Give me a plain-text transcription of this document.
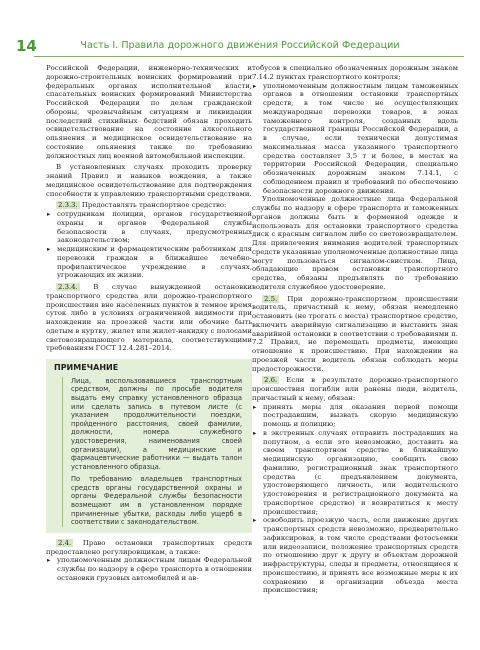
14	Часть I. Правила дорожного движения Российской Федерации

Российской Федерации, инженерно-технических и дорожно-строительных воинских формирований при федеральных органах исполнительной власти, спасательных воинских формирований Министерства Российской Федерации по делам гражданской обороны, чрезвычайным ситуациям и ликвидации последствий стихийных бедствий обязан проходить освидетельствование на состояние алкогольного опьянения и медицинское освидетельствование на состояние опьянения также по требованию должностных лиц военной автомобильной инспекции.

В установленных случаях проходить проверку знаний Правил и навыков вождения, а также медицинское освидетельствование для подтверждения способности к управлению транспортными средствами.

2.3.3. Предоставлять транспортное средство:

▸ сотрудникам полиции, органов государственной охраны и органов Федеральной службы безопасности в случаях, предусмотренных законодательством;
▸ медицинским и фармацевтическим работникам для перевозки граждан в ближайшее лечебно-профилактическое учреждение в случаях, угрожающих их жизни.

2.3.4. В случае вынужденной остановки транспортного средства или дорожно-транспортного происшествия вне населенных пунктов в темное время суток либо в условиях ограниченной видимости при нахождении на проезжей части или обочине быть одетым в куртку, жилет или жилет-накидку с полосами световозвращающего материала, соответствующими требованиям ГОСТ 12.4.281–2014.

ПРИМЕЧАНИЕ

Лица, воспользовавшиеся транспортным средством, должны по просьбе водителя выдать ему справку установленного образца или сделать запись в путевом листе (с указанием продолжительности поездки, пройденного расстояния, своей фамилии, должности, номера служебного удостоверения, наименования своей организации), а медицинские и фармацевтические работники — выдать талон установленного образца.

По требованию владельцев транспортных средств органы государственной охраны и органы Федеральной службы безопасности возмещают им в установленном порядке причиненные убытки, расходы либо ущерб в соответствии с законодательством.

2.4. Право остановки транспортных средств предоставлено регулировщикам, а также:

▸ уполномоченным должностным лицам Федеральной службы по надзору в сфере транспорта в отношении остановки грузовых автомобилей и ав-

тобусов в специально обозначенных дорожным знаком 7.14.2 пунктах транспортного контроля;

▸ уполномоченным должностным лицам таможенных органов в отношении остановки транспортных средств, в том числе не осуществляющих международные перевозки товаров, в зонах таможенного контроля, созданных вдоль государственной границы Российской Федерации, а в случае, если технически допустимая максимальная масса указанного транспортного средства составляет 3,5 т и более, в местах на территории Российской Федерации, специально обозначенных дорожным знаком 7.14.1, с соблюдением правил и требований по обеспечению безопасности дорожного движения.

Уполномоченные должностные лица Федеральной службы по надзору в сфере транспорта и таможенных органов должны быть в форменной одежде и использовать для остановки транспортного средства диск с красным сигналом либо со световозвращателем. Для привлечения внимания водителей транспортных средств указанные уполномоченные должностные лица могут пользоваться сигналом-свистком. Лица, обладающие правом остановки транспортного средства, обязаны предъявлять по требованию водителя служебное удостоверение.

2.5. При дорожно-транспортном происшествии водитель, причастный к нему, обязан немедленно остановить (не трогать с места) транспортное средство, включить аварийную сигнализацию и выставить знак аварийной остановки в соответствии с требованиями п. 7.2 Правил, не перемещать предметы, имеющие отношение к происшествию. При нахождении на проезжей части водитель обязан соблюдать меры предосторожности.

2.6. Если в результате дорожно-транспортного происшествия погибли или ранены люди, водитель, причастный к нему, обязан:

▸ принять меры для оказания первой помощи пострадавшим, вызвать скорую медицинскую помощь и полицию;
▸ в экстренных случаях отправить пострадавших на попутном, а если это невозможно, доставить на своем транспортном средстве в ближайшую медицинскую организацию, сообщить свою фамилию, регистрационный знак транспортного средства (с предъявлением документа, удостоверяющего личность, или водительского удостоверения и регистрационного документа на транспортное средство) и возвратиться к месту происшествия;
▸ освободить проезжую часть, если движение других транспортных средств невозможно, предварительно зафиксировав, в том числе средствами фотосъемки или видеозаписи, положение транспортных средств по отношению друг к другу и объектам дорожной инфраструктуры, следы и предметы, относящиеся к происшествию, и принять все возможные меры к их сохранению и организации объезда места происшествия;
